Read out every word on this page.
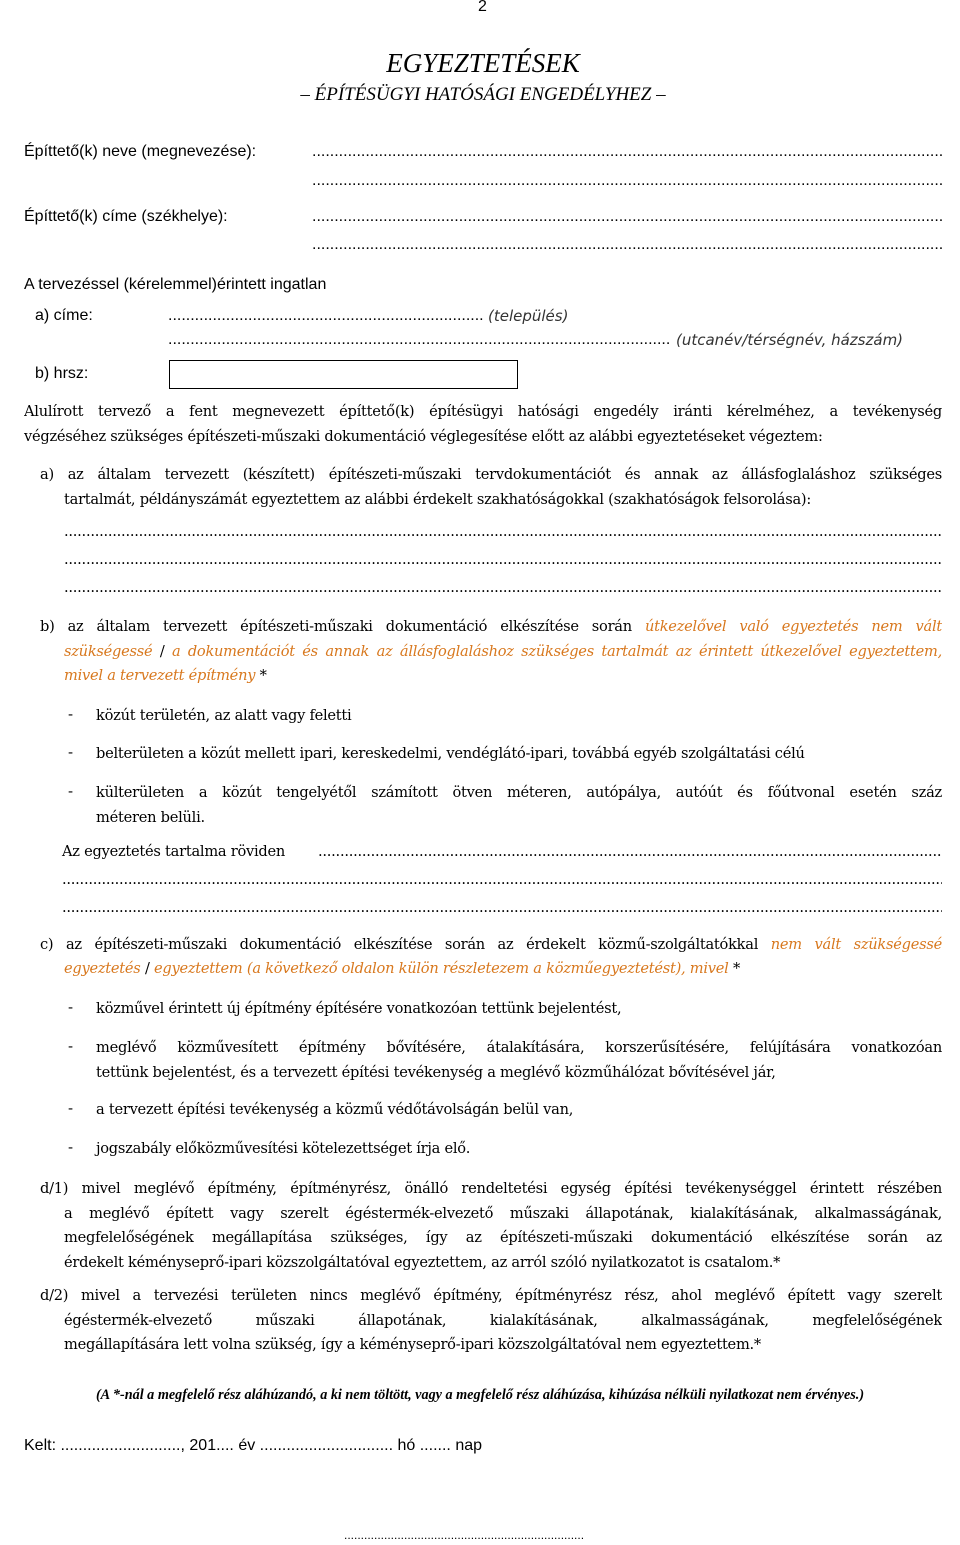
2
EGYEZTETÉSEK
– ÉPÍTÉSÜGYI HATÓSÁGI ENGEDÉLYHEZ –
Építtető(k) neve (megnevezése):
.....
.....
Építtető(k) címe (székhelye):
.....
.....
A tervezéssel (kérelemmel)érintett ingatlan
a) címe:
.....	(település)
.....
(utcanév/térségnév, házszám)
b) hrsz:
Alulírott tervező a fent megnevezett építtető(k) építésügyi hatósági engedély iránti kérelméhez, a tevékenység
végzéséhez szükséges építészeti-műszaki dokumentáció véglegesítése előtt az alábbi egyeztetéseket végeztem:
a) az általam tervezett (készített) építészeti-műszaki tervdokumentációt és annak az állásfoglaláshoz szükséges
tartalmát, példányszámát egyeztettem az alábbi érdekelt szakhatóságokkal (szakhatóságok felsorolása):
.....
.....
.....
b) az általam tervezett építészeti-műszaki dokumentáció elkészítése során útkezelővel való egyeztetés nem vált
szükségessé / a dokumentációt és annak az állásfoglaláshoz szükséges tartalmát az érintett útkezelővel egyeztettem,
mivel a tervezett építmény *
- közút területén, az alatt vagy feletti
- belterületen a közút mellett ipari, kereskedelmi, vendéglátó-ipari, továbbá egyéb szolgáltatási célú
- külterületen a közút tengelyétől számított ötven méteren, autópálya, autóút és főútvonal esetén száz
méteren belüli.
Az egyeztetés tartalma röviden
.....
.....
.....
c) az építészeti-műszaki dokumentáció elkészítése során az érdekelt közmű-szolgáltatókkal nem vált szükségessé
egyeztetés / egyeztettem (a következő oldalon külön részletezem a közműegyeztetést), mivel *
- közművel érintett új építmény építésére vonatkozóan tettünk bejelentést,
- meglévő közművesített építmény bővítésére, átalakítására, korszerűsítésére, felújítására vonatkozóan
tettünk bejelentést, és a tervezett építési tevékenység a meglévő közműhálózat bővítésével jár,
- a tervezett építési tevékenység a közmű védőtávolságán belül van,
- jogszabály előközművesítési kötelezettséget írja elő.
d/1) mivel meglévő építmény, építményrész, önálló rendeltetési egység építési tevékenységgel érintett részében
a meglévő épített vagy szerelt égéstermék-elvezető műszaki állapotának, kialakításának, alkalmasságának,
megfelelőségének megállapítása szükséges, így az építészeti-műszaki dokumentáció elkészítése során az
érdekelt kéményseprő-ipari közszolgáltatóval egyeztettem, az arról szóló nyilatkozatot is csatalom.*
d/2) mivel a tervezési területen nincs meglévő építmény, építményrész rész, ahol meglévő épített vagy szerelt
égéstermék-elvezető műszaki állapotának, kialakításának, alkalmasságának, megfelelőségének
megállapítására lett volna szükség, így a kéményseprő-ipari közszolgáltatóval nem egyeztettem.*
(A *-nál a megfelelő rész aláhúzandó, a ki nem töltött, vagy a megfelelő rész aláhúzása, kihúzása nélküli nyilatkozat nem érvényes.)
Kelt: ..........................., 201.... év .............................. hó ....... nap
........................................................................
